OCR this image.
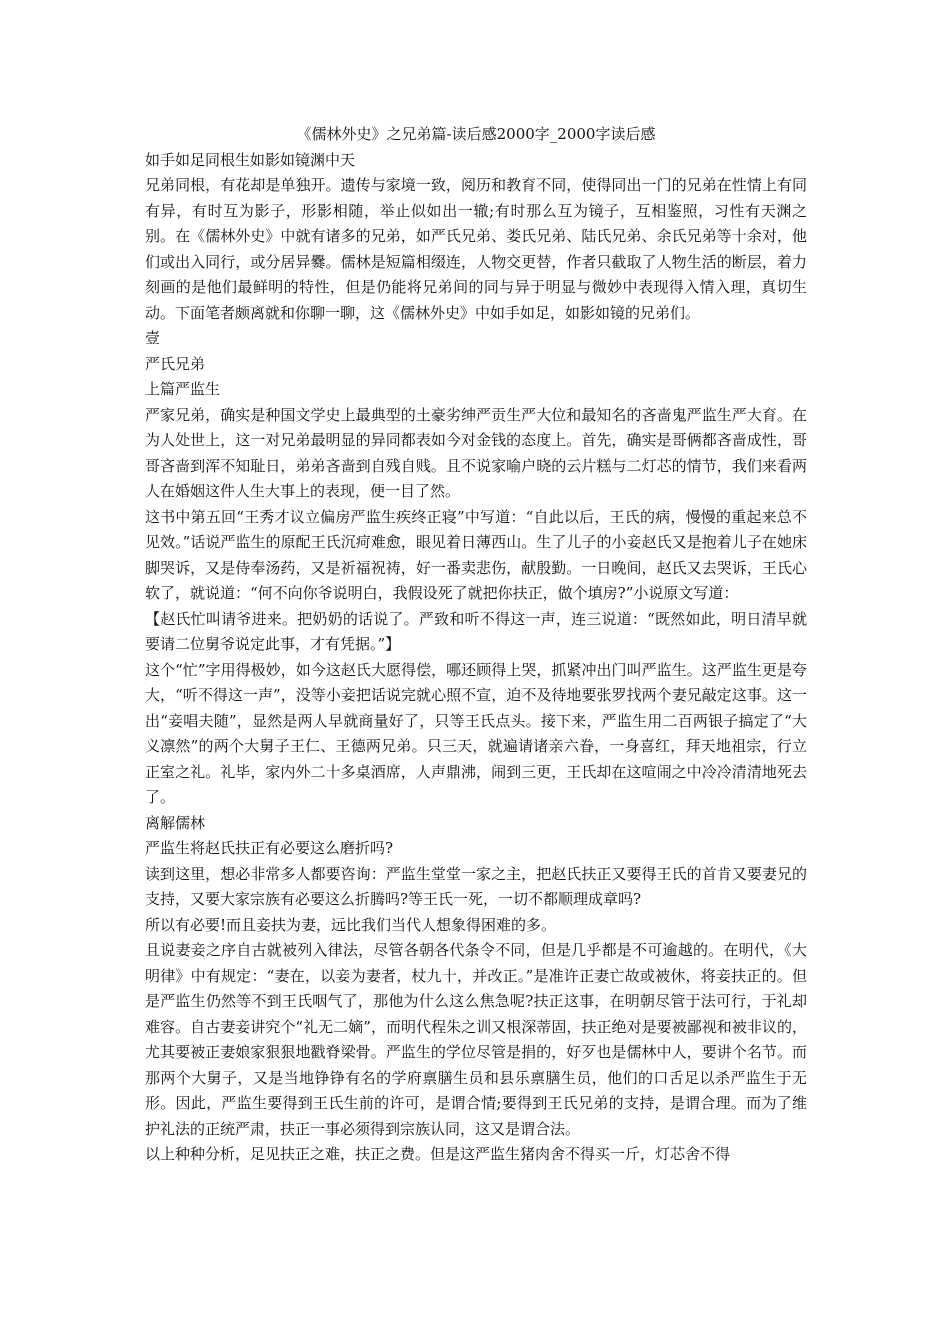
《儒林外史》之兄弟篇-读后感2000字_2000字读后感

如手如足同根生如影如镜渊中天

兄弟同根，有花却是单独开。遗传与家境一致，阅历和教育不同，使得同出一门的兄弟在性情上有同有异，有时互为影子，形影相随，举止似如出一辙;有时那么互为镜子，互相鉴照，习性有天渊之别。在《儒林外史》中就有诸多的兄弟，如严氏兄弟、娄氏兄弟、陆氏兄弟、余氏兄弟等十余对，他们或出入同行，或分居异爨。儒林是短篇相缀连，人物交更替，作者只截取了人物生活的断层，着力刻画的是他们最鲜明的特性，但是仍能将兄弟间的同与异于明显与微妙中表现得入情入理，真切生动。下面笔者颇离就和你聊一聊，这《儒林外史》中如手如足，如影如镜的兄弟们。

壹

严氏兄弟

上篇严监生

严家兄弟，确实是种国文学史上最典型的土豪劣绅严贡生严大位和最知名的吝啬鬼严监生严大育。在为人处世上，这一对兄弟最明显的异同都表如今对金钱的态度上。首先，确实是哥俩都吝啬成性，哥哥吝啬到浑不知耻日，弟弟吝啬到自残自贱。且不说家喻户晓的云片糕与二灯芯的情节，我们来看两人在婚姻这件人生大事上的表现，便一目了然。

这书中第五回“王秀才议立偏房严监生疾终正寝”中写道：“自此以后，王氏的病，慢慢的重起来总不见效。”话说严监生的原配王氏沉疴难愈，眼见着日薄西山。生了儿子的小妾赵氏又是抱着儿子在她床脚哭诉，又是侍奉汤药，又是祈福祝祷，好一番卖悲伤，献殷勤。一日晚间，赵氏又去哭诉，王氏心软了，就说道：“何不向你爷说明白，我假设死了就把你扶正，做个填房?”小说原文写道：

【赵氏忙叫请爷进来。把奶奶的话说了。严致和听不得这一声，连三说道：“既然如此，明日清早就要请二位舅爷说定此事，才有凭据。”】

这个“忙”字用得极妙，如今这赵氏大愿得偿，哪还顾得上哭，抓紧冲出门叫严监生。这严监生更是夸大，“听不得这一声”，没等小妾把话说完就心照不宣，迫不及待地要张罗找两个妻兄敲定这事。这一出“妾唱夫随”，显然是两人早就商量好了，只等王氏点头。接下来，严监生用二百两银子搞定了“大义凛然”的两个大舅子王仁、王德两兄弟。只三天，就遍请诸亲六眷，一身喜红，拜天地祖宗，行立正室之礼。礼毕，家内外二十多桌酒席，人声鼎沸，闹到三更，王氏却在这喧闹之中冷冷清清地死去了。

离解儒林

严监生将赵氏扶正有必要这么磨折吗?

读到这里，想必非常多人都要咨询：严监生堂堂一家之主，把赵氏扶正又要得王氏的首肯又要妻兄的支持，又要大家宗族有必要这么折腾吗?等王氏一死，一切不都顺理成章吗?

所以有必要!而且妾扶为妻，远比我们当代人想象得困难的多。

且说妻妾之序自古就被列入律法，尽管各朝各代条令不同，但是几乎都是不可逾越的。在明代，《大明律》中有规定：“妻在，以妾为妻者，杖九十，并改正。”是准许正妻亡故或被休，将妾扶正的。但是严监生仍然等不到王氏咽气了，那他为什么这么焦急呢?扶正这事，在明朝尽管于法可行，于礼却难容。自古妻妾讲究个“礼无二嫡”，而明代程朱之训又根深蒂固，扶正绝对是要被鄙视和被非议的，尤其要被正妻娘家狠狠地戳脊梁骨。严监生的学位尽管是捐的，好歹也是儒林中人，要讲个名节。而那两个大舅子，又是当地铮铮有名的学府禀膳生员和县乐禀膳生员，他们的口舌足以杀严监生于无形。因此，严监生要得到王氏生前的许可，是谓合情;要得到王氏兄弟的支持，是谓合理。而为了维护礼法的正统严肃，扶正一事必须得到宗族认同，这又是谓合法。

以上种种分析，足见扶正之难，扶正之费。但是这严监生猪肉舍不得买一斤，灯芯舍不得
